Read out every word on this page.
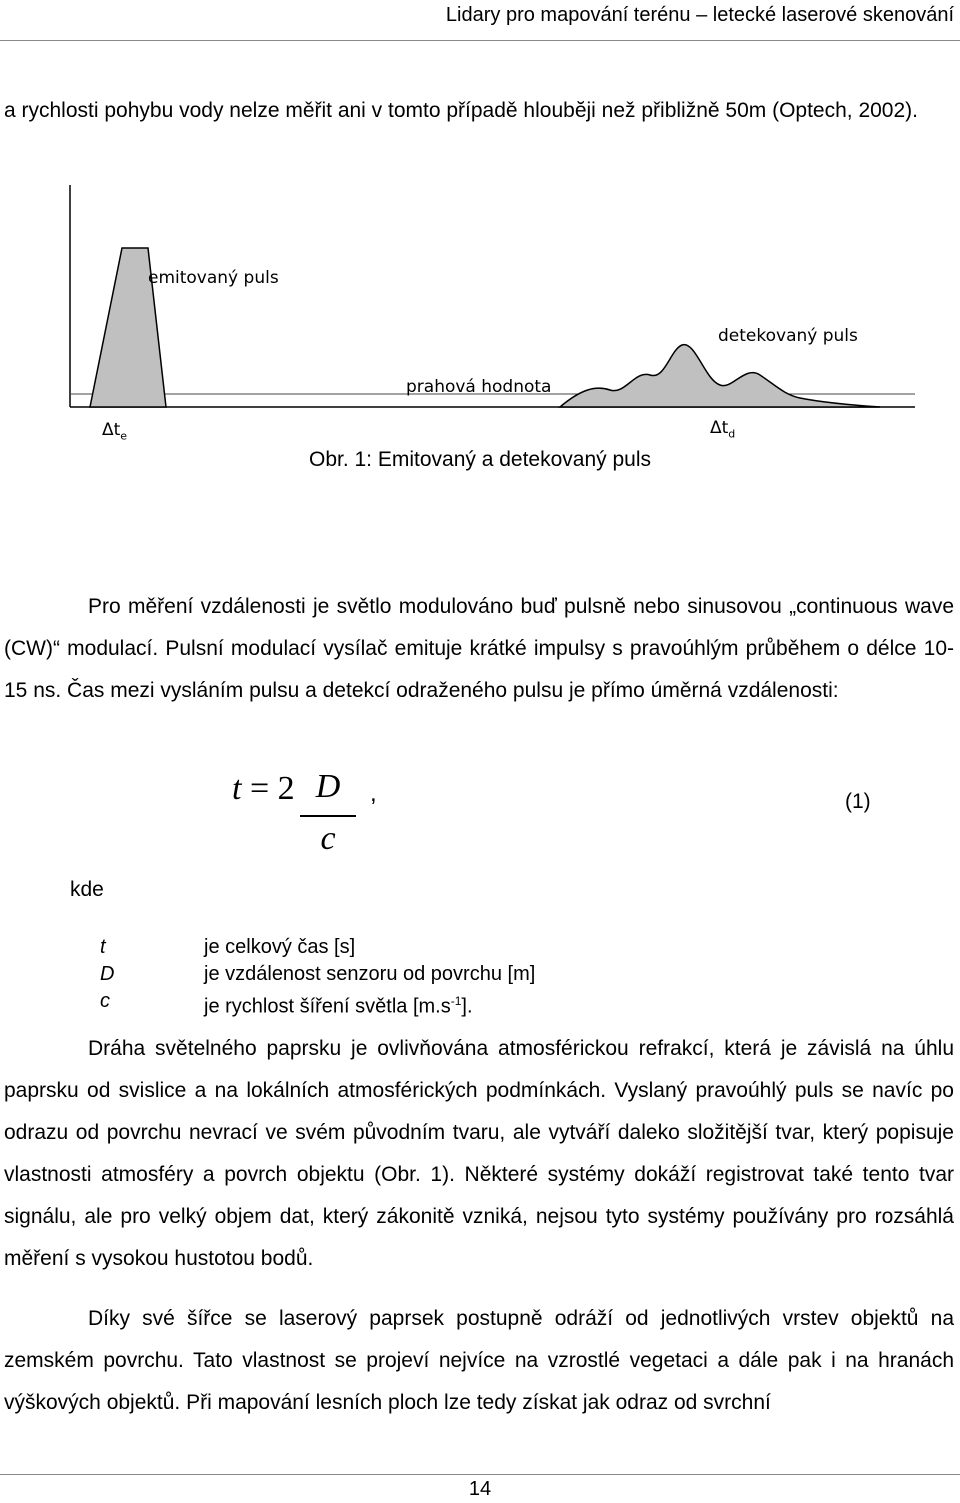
Lidary pro mapování terénu – letecké laserové skenování

a rychlosti pohybu vody nelze měřit ani v tomto případě hloubĕji než přibližně 50m (Optech, 2002).

emitovaný puls
detekovaný puls
prahová hodnota
$\Delta t_e$	$\Delta t_d$
Obr. 1: Emitovaný a detekovaný puls

Pro měření vzdálenosti je světlo modulováno buď pulsně nebo sinusovou „continuous wave (CW)“ modulací. Pulsní modulací vysílač emituje krátké impulsy s pravoúhlým průběhem o délce 10-15 ns. Čas mezi vysláním pulsu a detekcí odraženého pulsu je přímo úměrná vzdálenosti:

t = 2 D
c
,	(1)
kde
t	je celkový čas [s]
D	je vzdálenost senzoru od povrchu [m]
c	je rychlost šíření světla $[m.s^{-1}]$.

Dráha světelného paprsku je ovlivňována atmosférickou refrakcí, která je závislá na úhlu paprsku od svislice a na lokálních atmosférických podmínkách. Vyslaný pravoúhlý puls se navíc po odrazu od povrchu nevrací ve svém původním tvaru, ale vytváří daleko složitější tvar, který popisuje vlastnosti atmosféry a povrch objektu (Obr. 1). Některé systémy dokáží registrovat také tento tvar signálu, ale pro velký objem dat, který zákonitě vzniká, nejsou tyto systémy používány pro rozsáhlá měření s vysokou hustotou bodů.

Díky své šířce se laserový paprsek postupně odráží od jednotlivých vrstev objektů na zemském povrchu. Tato vlastnost se projeví nejvíce na vzrostlé vegetaci a dále pak i na hranách výškových objektů. Při mapování lesních ploch lze tedy získat jak odraz od svrchní

14
